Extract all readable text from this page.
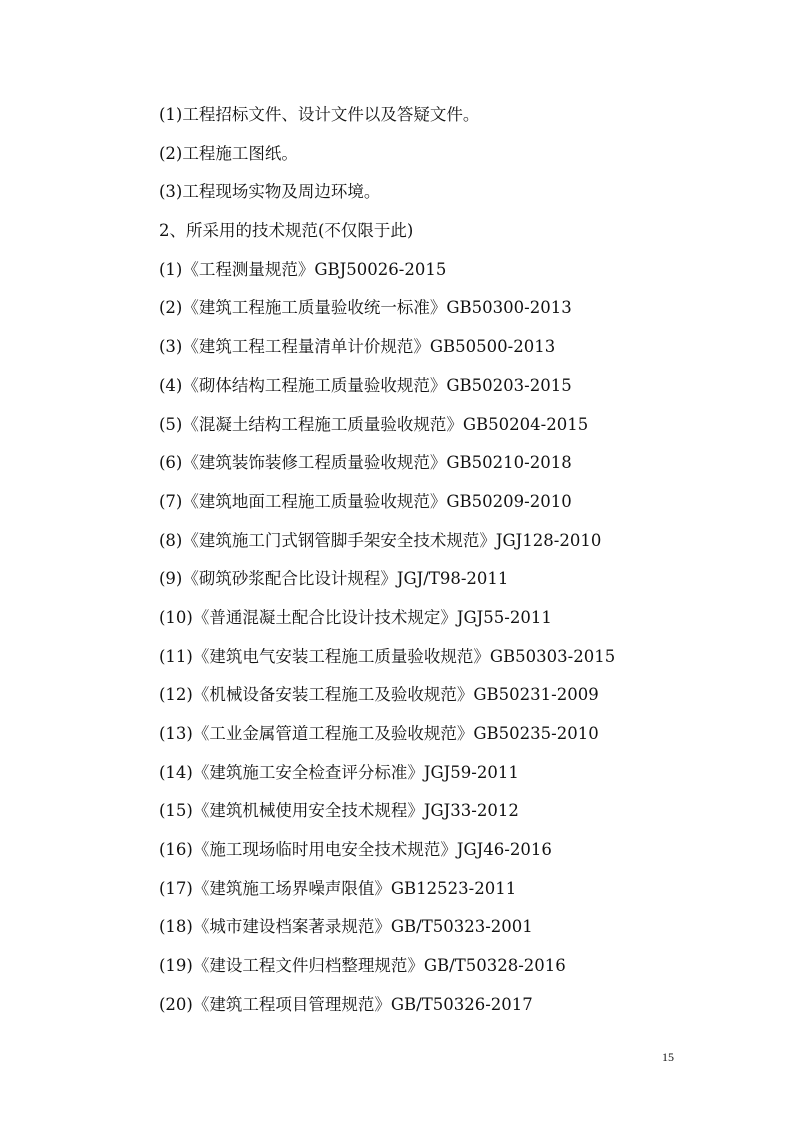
(1)工程招标文件、设计文件以及答疑文件。
(2)工程施工图纸。
(3)工程现场实物及周边环境。
2、所采用的技术规范(不仅限于此)
(1)《工程测量规范》GBJ50026-2015
(2)《建筑工程施工质量验收统一标准》GB50300-2013
(3)《建筑工程工程量清单计价规范》GB50500-2013
(4)《砌体结构工程施工质量验收规范》GB50203-2015
(5)《混凝土结构工程施工质量验收规范》GB50204-2015
(6)《建筑装饰装修工程质量验收规范》GB50210-2018
(7)《建筑地面工程施工质量验收规范》GB50209-2010
(8)《建筑施工门式钢管脚手架安全技术规范》JGJ128-2010
(9)《砌筑砂浆配合比设计规程》JGJ/T98-2011
(10)《普通混凝土配合比设计技术规定》JGJ55-2011
(11)《建筑电气安装工程施工质量验收规范》GB50303-2015
(12)《机械设备安装工程施工及验收规范》GB50231-2009
(13)《工业金属管道工程施工及验收规范》GB50235-2010
(14)《建筑施工安全检查评分标准》JGJ59-2011
(15)《建筑机械使用安全技术规程》JGJ33-2012
(16)《施工现场临时用电安全技术规范》JGJ46-2016
(17)《建筑施工场界噪声限值》GB12523-2011
(18)《城市建设档案著录规范》GB/T50323-2001
(19)《建设工程文件归档整理规范》GB/T50328-2016
(20)《建筑工程项目管理规范》GB/T50326-2017
15
